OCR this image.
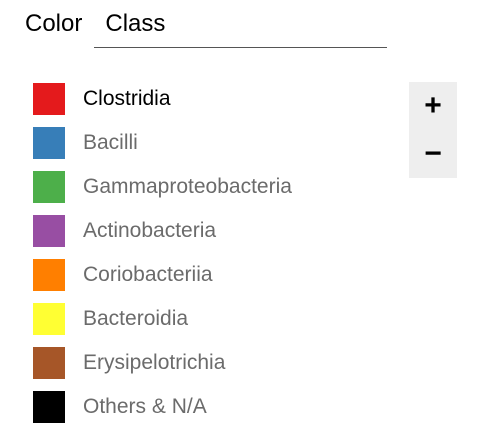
Color Class
Clostridia
Bacilli
Gammaproteobacteria
Actinobacteria
Coriobacteriia
Bacteroidia
Erysipelotrichia
Others & N/A
+
−
